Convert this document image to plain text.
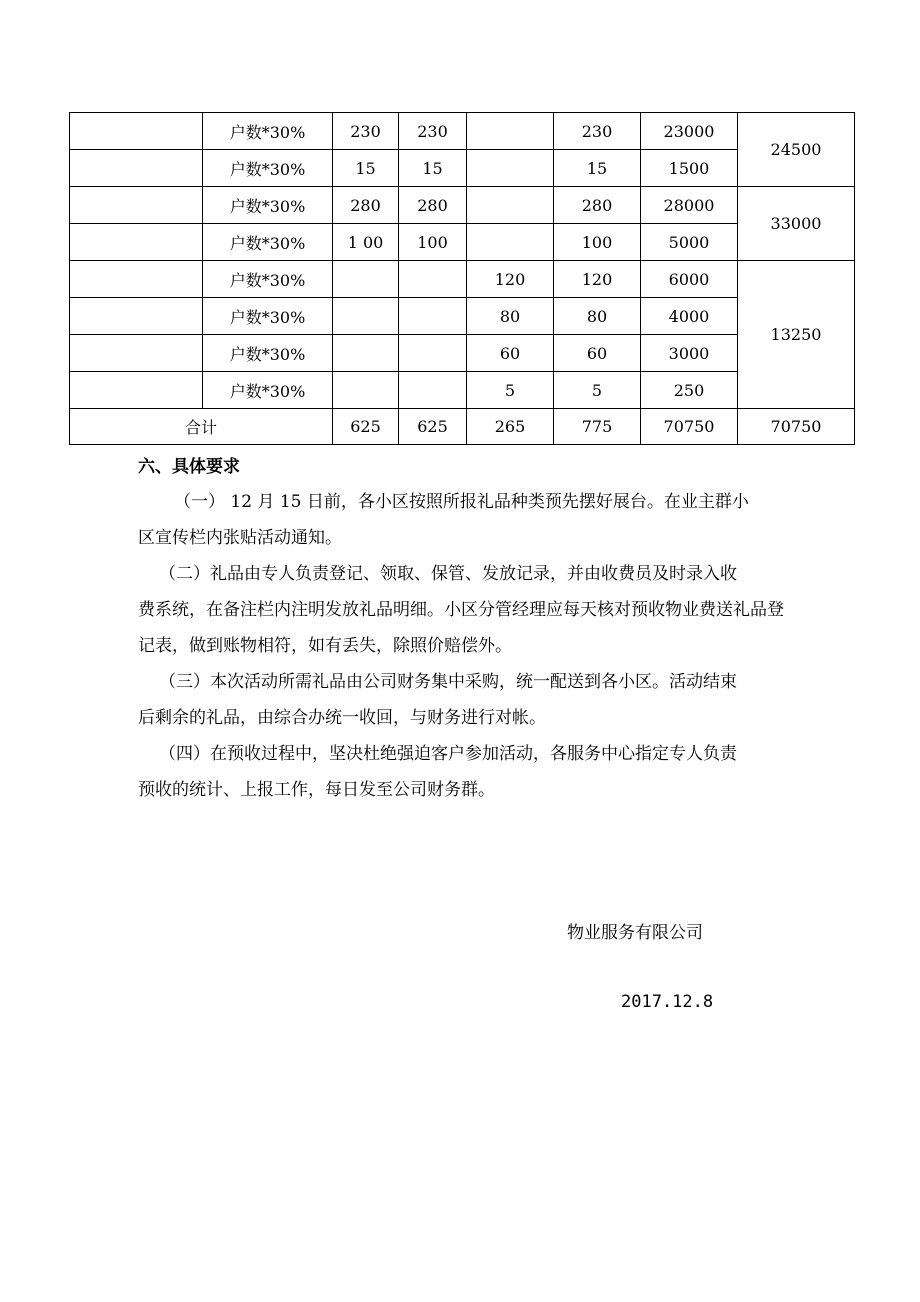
	户数*30%	230	230		230	23000	24500
	户数*30%	15	15		15	1500	
	户数*30%	280	280		280	28000	33000
	户数*30%	1 00	100		100	5000	
	户数*30%			120	120	6000	13250
	户数*30%			80	80	4000	
	户数*30%			60	60	3000	
	户数*30%			5	5	250	
合计		625	625	265	775	70750	70750
六、具体要求

（一） 12 月 15 日前，各小区按照所报礼品种类预先摆好展台。在业主群小
区宣传栏内张贴活动通知。

（二）礼品由专人负责登记、领取、保管、发放记录，并由收费员及时录入收
费系统，在备注栏内注明发放礼品明细。小区分管经理应每天核对预收物业费送礼品登记表，做到账物相符，如有丢失，除照价赔偿外。

（三）本次活动所需礼品由公司财务集中采购，统一配送到各小区。活动结束
后剩余的礼品，由综合办统一收回，与财务进行对帐。

（四）在预收过程中，坚决杜绝强迫客户参加活动，各服务中心指定专人负责
预收的统计、上报工作，每日发至公司财务群。

物业服务有限公司
2017.12.8
